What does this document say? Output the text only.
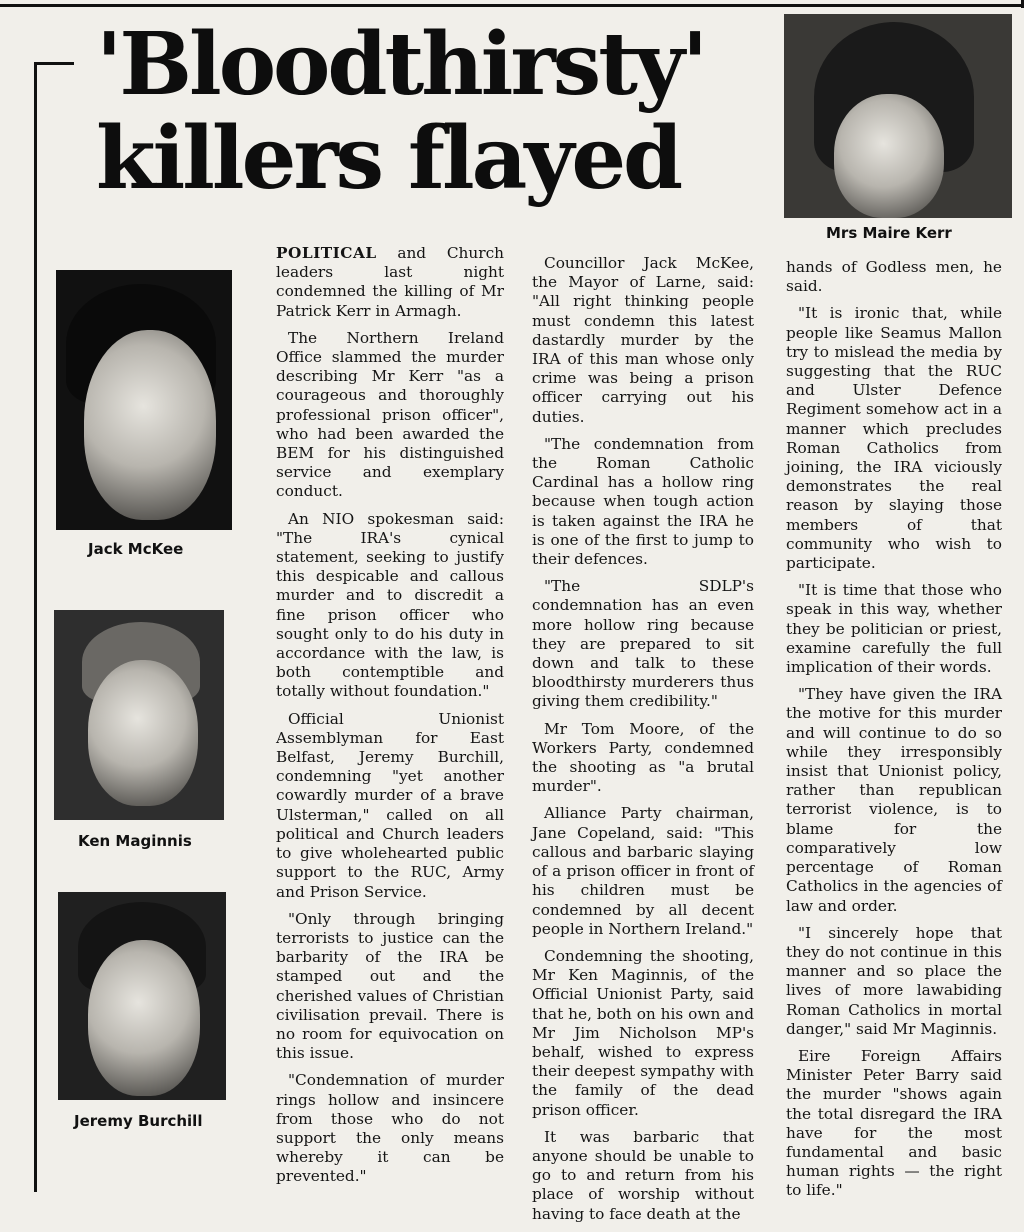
'Bloodthirsty'
killers flayed

Mrs Maire Kerr

Jack McKee

Ken Maginnis

Jeremy Burchill

POLITICAL and Church leaders last night condemned the killing of Mr Patrick Kerr in Armagh.

The Northern Ireland Office slammed the murder describing Mr Kerr "as a courageous and thoroughly professional prison officer", who had been awarded the BEM for his distinguished service and exemplary conduct.

An NIO spokesman said: "The IRA's cynical statement, seeking to justify this despicable and callous murder and to discredit a fine prison officer who sought only to do his duty in accordance with the law, is both contemptible and totally without foundation."

Official Unionist Assemblyman for East Belfast, Jeremy Burchill, condemning "yet another cowardly murder of a brave Ulsterman," called on all political and Church leaders to give wholehearted public support to the RUC, Army and Prison Service.

"Only through bringing terrorists to justice can the barbarity of the IRA be stamped out and the cherished values of Christian civilisation prevail. There is no room for equivocation on this issue.

"Condemnation of murder rings hollow and insincere from those who do not support the only means whereby it can be prevented."

Councillor Jack McKee, the Mayor of Larne, said: "All right thinking people must condemn this latest dastardly murder by the IRA of this man whose only crime was being a prison officer carrying out his duties.

"The condemnation from the Roman Catholic Cardinal has a hollow ring because when tough action is taken against the IRA he is one of the first to jump to their defences.

"The SDLP's condemnation has an even more hollow ring because they are prepared to sit down and talk to these bloodthirsty murderers thus giving them credibility."

Mr Tom Moore, of the Workers Party, condemned the shooting as "a brutal murder".

Alliance Party chairman, Jane Copeland, said: "This callous and barbaric slaying of a prison officer in front of his children must be condemned by all decent people in Northern Ireland."

Condemning the shooting, Mr Ken Maginnis, of the Official Unionist Party, said that he, both on his own and Mr Jim Nicholson MP's behalf, wished to express their deepest sympathy with the family of the dead prison officer.

It was barbaric that anyone should be unable to go to and return from his place of worship without having to face death at the

hands of Godless men, he said.

"It is ironic that, while people like Seamus Mallon try to mislead the media by suggesting that the RUC and Ulster Defence Regiment somehow act in a manner which precludes Roman Catholics from joining, the IRA viciously demonstrates the real reason by slaying those members of that community who wish to participate.

"It is time that those who speak in this way, whether they be politician or priest, examine carefully the full implication of their words.

"They have given the IRA the motive for this murder and will continue to do so while they irresponsibly insist that Unionist policy, rather than republican terrorist violence, is to blame for the comparatively low percentage of Roman Catholics in the agencies of law and order.

"I sincerely hope that they do not continue in this manner and so place the lives of more lawabiding Roman Catholics in mortal danger," said Mr Maginnis.

Eire Foreign Affairs Minister Peter Barry said the murder "shows again the total disregard the IRA have for the most fundamental and basic human rights — the right to life."
